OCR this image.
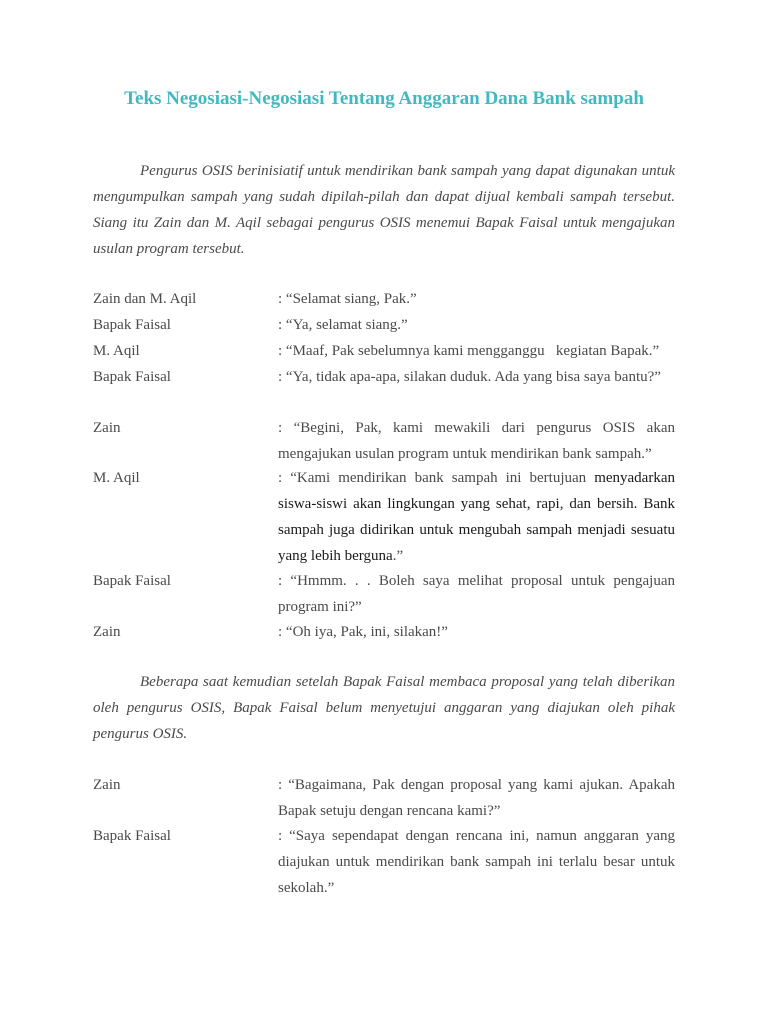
Teks Negosiasi-Negosiasi Tentang Anggaran Dana Bank sampah

Pengurus OSIS berinisiatif untuk mendirikan bank sampah yang dapat digunakan untuk mengumpulkan sampah yang sudah dipilah-pilah dan dapat dijual kembali sampah tersebut. Siang itu Zain dan M. Aqil sebagai pengurus OSIS menemui Bapak Faisal untuk mengajukan usulan program tersebut.

Zain dan M. Aqil	: “Selamat siang, Pak.”
Bapak Faisal	: “Ya, selamat siang.”
M. Aqil	: “Maaf, Pak sebelumnya kami mengganggu   kegiatan Bapak.”
Bapak Faisal	: “Ya, tidak apa-apa, silakan duduk. Ada yang bisa saya bantu?”
Zain	: “Begini, Pak, kami mewakili dari pengurus OSIS akan mengajukan usulan program untuk mendirikan bank sampah.”
M. Aqil	: “Kami mendirikan bank sampah ini bertujuan menyadarkan siswa-siswi akan lingkungan yang sehat, rapi, dan bersih. Bank sampah juga didirikan untuk mengubah sampah menjadi sesuatu yang lebih berguna.”
Bapak Faisal	: “Hmmm. . . Boleh saya melihat proposal untuk pengajuan program ini?”
Zain	: “Oh iya, Pak, ini, silakan!”

Beberapa saat kemudian setelah Bapak Faisal membaca proposal yang telah diberikan oleh pengurus OSIS, Bapak Faisal belum menyetujui anggaran yang diajukan oleh pihak pengurus OSIS.

Zain	: “Bagaimana, Pak dengan proposal yang kami ajukan. Apakah Bapak setuju dengan rencana kami?”
Bapak Faisal	: “Saya sependapat dengan rencana ini, namun anggaran yang diajukan untuk mendirikan bank sampah ini terlalu besar untuk sekolah.”
